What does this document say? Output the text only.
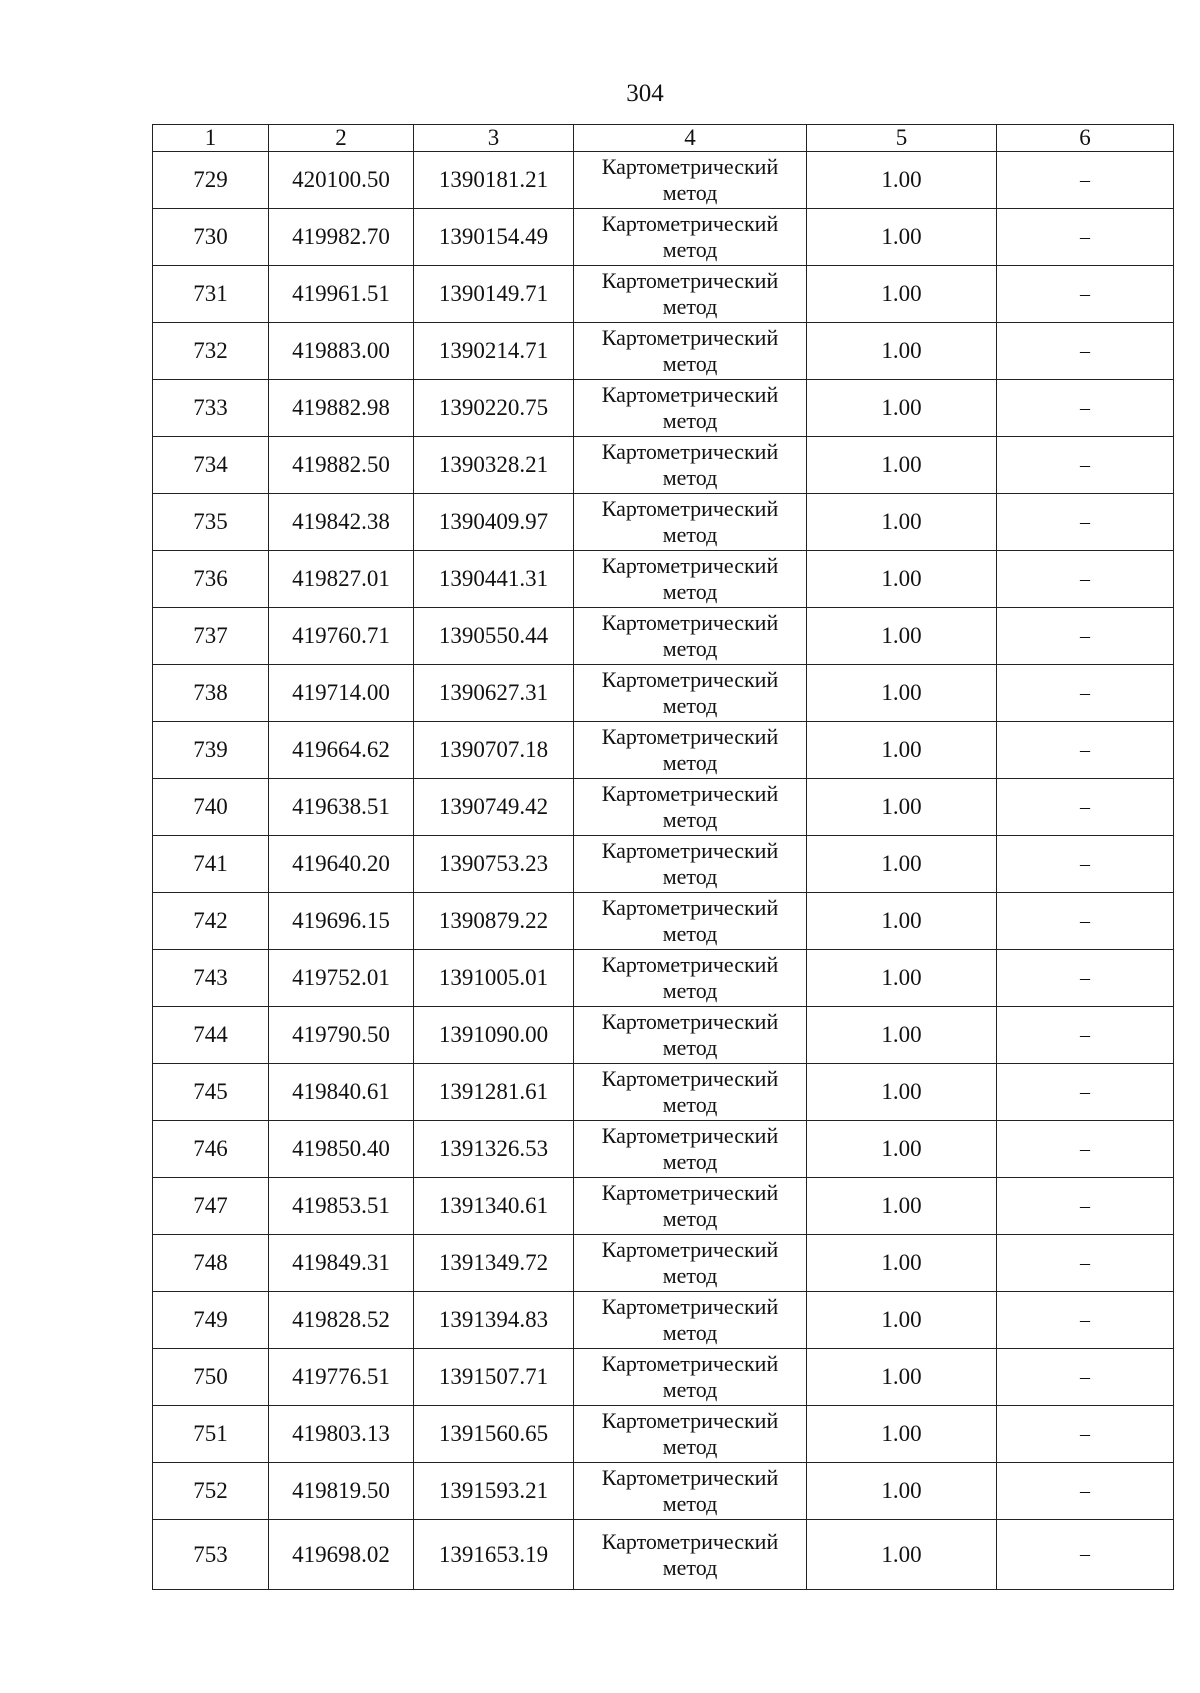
304
1	2	3	4	5	6
729	420100.50	1390181.21	Картометрический метод	1.00	–
730	419982.70	1390154.49	Картометрический метод	1.00	–
731	419961.51	1390149.71	Картометрический метод	1.00	–
732	419883.00	1390214.71	Картометрический метод	1.00	–
733	419882.98	1390220.75	Картометрический метод	1.00	–
734	419882.50	1390328.21	Картометрический метод	1.00	–
735	419842.38	1390409.97	Картометрический метод	1.00	–
736	419827.01	1390441.31	Картометрический метод	1.00	–
737	419760.71	1390550.44	Картометрический метод	1.00	–
738	419714.00	1390627.31	Картометрический метод	1.00	–
739	419664.62	1390707.18	Картометрический метод	1.00	–
740	419638.51	1390749.42	Картометрический метод	1.00	–
741	419640.20	1390753.23	Картометрический метод	1.00	–
742	419696.15	1390879.22	Картометрический метод	1.00	–
743	419752.01	1391005.01	Картометрический метод	1.00	–
744	419790.50	1391090.00	Картометрический метод	1.00	–
745	419840.61	1391281.61	Картометрический метод	1.00	–
746	419850.40	1391326.53	Картометрический метод	1.00	–
747	419853.51	1391340.61	Картометрический метод	1.00	–
748	419849.31	1391349.72	Картометрический метод	1.00	–
749	419828.52	1391394.83	Картометрический метод	1.00	–
750	419776.51	1391507.71	Картометрический метод	1.00	–
751	419803.13	1391560.65	Картометрический метод	1.00	–
752	419819.50	1391593.21	Картометрический метод	1.00	–
753	419698.02	1391653.19	Картометрический метод	1.00	–
